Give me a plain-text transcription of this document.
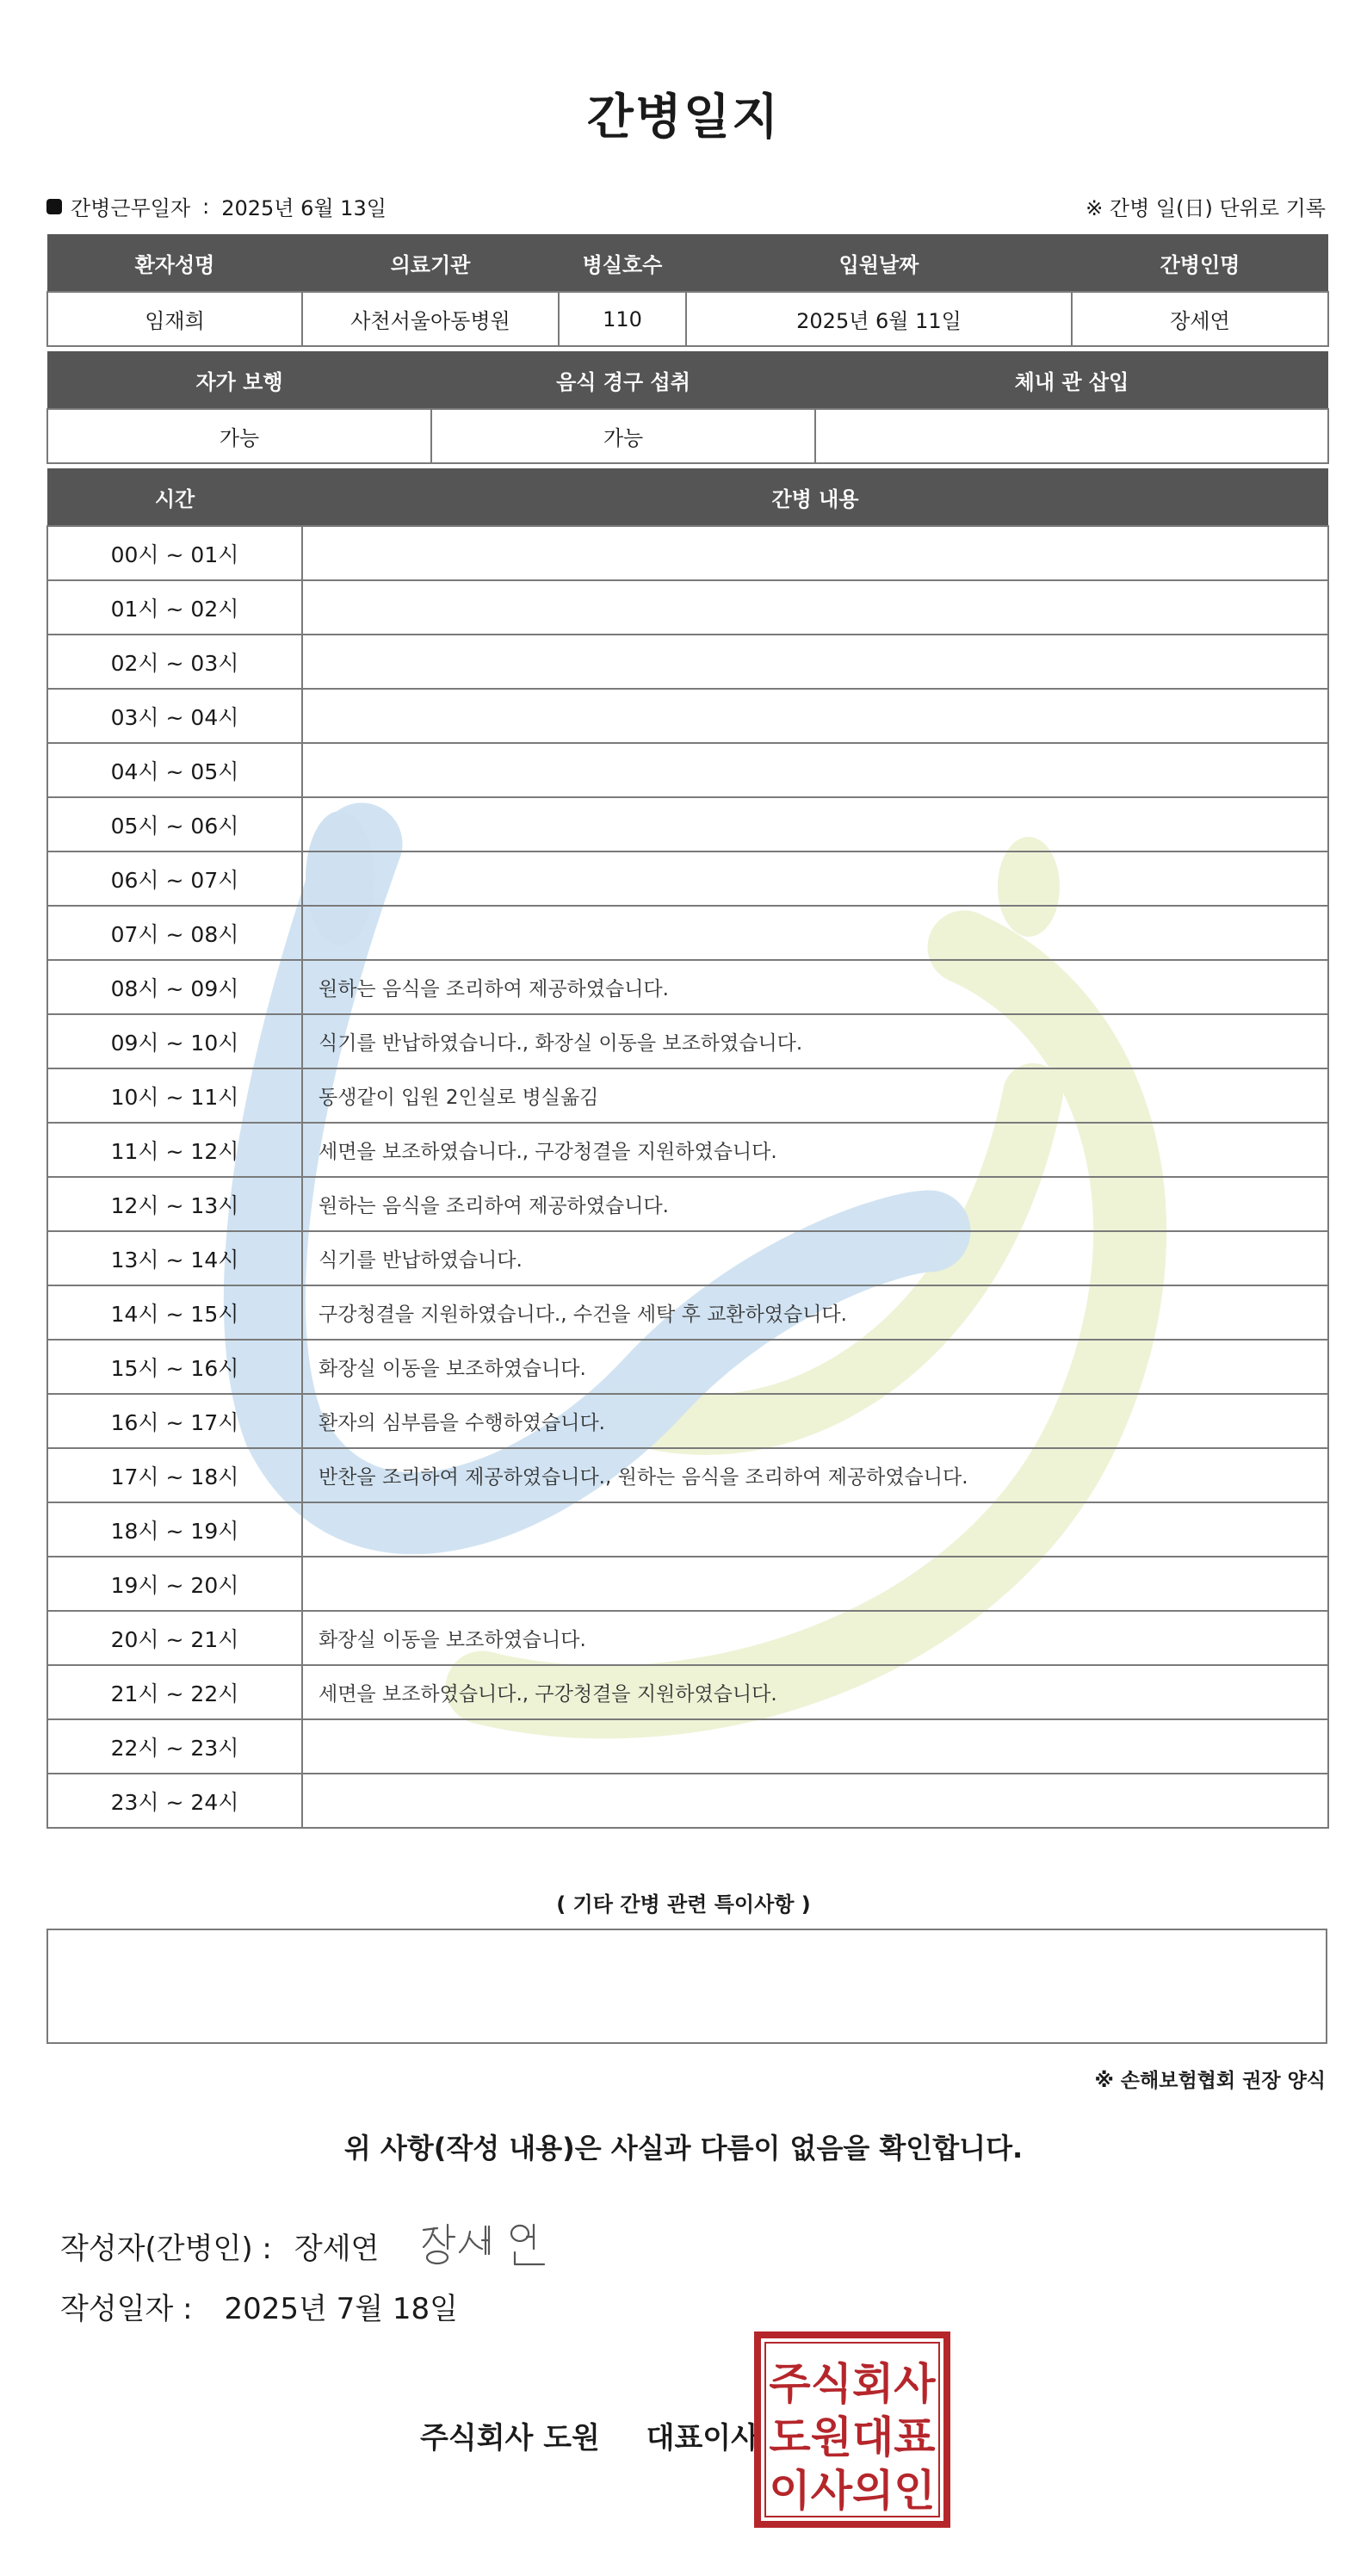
간병일지
간병근무일자 : 2025년 6월 13일	※ 간병 일(日) 단위로 기록
환자성명	의료기관	병실호수	입원날짜	간병인명
임재희	사천서울아동병원	110	2025년 6월 11일	장세연
자가 보행	음식 경구 섭취	체내 관 삽입
가능	가능	
시간	간병 내용
00시 ~ 01시	
01시 ~ 02시	
02시 ~ 03시	
03시 ~ 04시	
04시 ~ 05시	
05시 ~ 06시	
06시 ~ 07시	
07시 ~ 08시	
08시 ~ 09시	원하는 음식을 조리하여 제공하였습니다.
09시 ~ 10시	식기를 반납하였습니다., 화장실 이동을 보조하였습니다.
10시 ~ 11시	동생같이 입원 2인실로 병실옮김
11시 ~ 12시	세면을 보조하였습니다., 구강청결을 지원하였습니다.
12시 ~ 13시	원하는 음식을 조리하여 제공하였습니다.
13시 ~ 14시	식기를 반납하였습니다.
14시 ~ 15시	구강청결을 지원하였습니다., 수건을 세탁 후 교환하였습니다.
15시 ~ 16시	화장실 이동을 보조하였습니다.
16시 ~ 17시	환자의 심부름을 수행하였습니다.
17시 ~ 18시	반찬을 조리하여 제공하였습니다., 원하는 음식을 조리하여 제공하였습니다.
18시 ~ 19시	
19시 ~ 20시	
20시 ~ 21시	화장실 이동을 보조하였습니다.
21시 ~ 22시	세면을 보조하였습니다., 구강청결을 지원하였습니다.
22시 ~ 23시	
23시 ~ 24시	
( 기타 간병 관련 특이사항 )
※ 손해보험협회 권장 양식
위 사항(작성 내용)은 사실과 다름이 없음을 확인합니다.
작성자(간병인) : 장세연
작성일자 : 2025년 7월 18일
주식회사 도원 대표이사
주식회사
도원대표
이사의인
